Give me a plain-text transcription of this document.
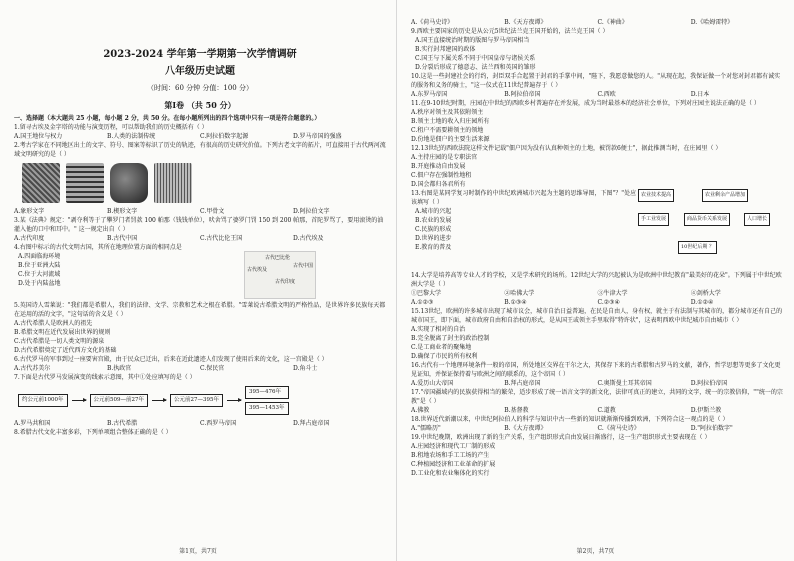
2023-2024 学年第一学期第一次学情调研
八年级历史试题
（时间：60 分钟 分值：100 分）
第Ⅰ卷 （共 50 分）

一、选择题（本大题共 25 小题，每小题 2 分，共 50 分。在每小题所列出的四个选项中只有一项是符合题意的。）

1.留寻古埃及金字塔的功能与演变历程，可以帮助我们的历史概括有（ ）

A.国王地位与权力	B.人类的法制传统	C.阿拉伯数字起源	D.罗马帝国的强盛

2.考古学家在不同地区出土的文字、符号、图案等标识了历史的轨迹，有很高的历史研究价值。下列古老文字的拓片，可直接用于古代两河流域文明研究的是（ ）

A.象形文字	B.楔形文字	C.甲骨文	D.阿拉伯文字

3.某《法典》规定："剥夺利等于了攀罗门者罚款 100 帕那（钱钱单位），吠舍骂了婆罗门罚 150 到 200 帕那，首陀罗骂了，要用滚烫的油灌入他的口中和耳中。" 这一规定出自（ ）

A.古代印度	B.古代中国	C.古代比伦王国	D.古代埃及

4.右图中标示的古代文明古国，其所在地理位置方面的相同点是

A.四面临海环境
B.位于亚洲大陆
C.位于大河流域
D.处于内陆盆地
古代埃及
古代巴比伦
古代印度
古代中国

5.英国诗人雪莱说："我们都是希腊人，我们的法律、文学、宗教和艺术之根在希腊。"雪莱说古希腊文明的严格性品，是世界许多民族每天都在运用的活的文字，"这句话的含义是（ ）

A.古代希腊人是欧洲人的祖先
B.希腊文明在近代发展出世界的规则
C.古代希腊是一切人类文明的源泉
D.古代希腊奠定了近代西方文化的基础

6.古代罗马的军事到过一座要害宫殿，由于民众已迁出，后来在近此遗迹人们发现了使用后来的文化，这一宫殿是（ ）

A.古代苏美尔	B.执政官	C.保民官	D.角斗士

7.下面是古代罗马发展演变的线索示意图，其中①处应填写的是（ ）

约公元前1000年	公元前509—前27年	公元前27—395年
395—476年
395—1453年
A.罗马共和国	B.古代希腊	C.西罗马帝国	D.拜占庭帝国

8.希腊古代文化丰富多彩，下列单项组合整体正确的是（ ）

第1页，共7页
A.《荷马史诗》	B.《天方夜谭》	C.《神曲》	D.《哈姆雷特》

9.西欧主要国家的历史是从公元5世纪法兰克王国开始的，法兰克王国（ ）

A.国王直接统治时期的版图与罗马帝国相当
B.实行封邦建国的政体
C.国王与下属关系不同于中国皇帝与诸侯关系
D.分裂后形成了德意志、法兰西和英国的雏形

10.这是一些封建社会的行约，封臣双手合起置于封君的手掌中间，"陛下，我愿意做您的人。"从现在起，我保证做一个对您对封君都有诚实的服务和义务的骑士，"这一仪式在11世纪普遍存于（ ）

A.东罗马帝国	B.阿拉伯帝国	C.西欧	D.日本

11.在9-10世纪时期，庄园在中世纪的西欧乡村普遍存在并发展，成为当时最基本的经济社会单位，下列对庄园主说法正确的是（ ）

A.秩序对领主及其依附领主
B.领主土地的收入归庄园所有
C.租户不需要耕领主的领地
D.份地是佃户的主要生活来源

12.13世纪的西欧法院这样文件记载"佃户因为没有认真种领主的土地，被罚款6便士"，据此推测当时，在庄园里（ ）

A.主持庄园的是专职法官
B.开庭推动自由发展
C.佃户存在强制性地租
D.国会都归各君所有

13.右图是某同学复习时制作的中世纪欧洲城市兴起为主题的思维导图，下图"？"处应该填写（ ）

A.城市的兴起
B.农业的发展
C.民族的形成
D.世界的进步
E.教育的普及
农业技术提高	农业剩余产品增加
手工业发展	商品货币关系发展	人口增长
10世纪后期 ？

14.大学是培养高等专业人才的学校，又是学术研究的场所。12世纪大学的兴起被认为是欧洲中世纪教育"最美好的花朵"。下列属于中世纪欧洲大学是（ ）

①巴黎大学	②哈佛大学	③牛津大学	④剑桥大学
A.①②③	B.①③④	C.②③④	D.①②④

15.13世纪，欧洲的许多城市出现了城市议会，城市自治日益普遍，在民是自由人，身有权，就主于有法制与其城市的，都分城市还有自己的城市国王，即下面，城市政府自由和自治权的形式，是从国王或领主手里取得"特许状"，这表明西欧中世纪城市自由城市（ ）

A.实现了相对的自治
B.完全脱离了封主的政治控制
C.是工商业者的聚集地
D.确保了市民的所有权利

16.古代有一个地理环境条件一般的帝国，所处地区交界在干尔之大，其保存下来的古希腊和古罗马的文献，著作，哲学思想等更多了文化更见证知，并保证保持着与欧洲之间的联系的，这个帝国（ ）

A.爱历山大帝国	B.拜占庭帝国	C.奥斯曼土耳其帝国	D.阿拉伯帝国

17."帝国疆域内的民族获得相当的繁荣，适步形成了统一语言文字的新文化，法律可真正的建立，共同的文字，统一的宗教信仰，""统一的宗教"是（ ）

A.佛教	B.基督教	C.道教	D.伊斯兰教

18.世界近代新潮以来，中世纪阿拉伯人的科学与知识中古一些新的知识就渐渐传播到欧洲，下列符合这一观点的是（ ）

A."儒略历"	B.《大方夜谭》	C.《荷马史诗》	D."阿拉伯数字"

19.中世纪晚期，欧洲出现了新的生产关系，生产组织形式自由发展日渐盛行，这一生产组织形式主要表现在（ ）

A.庄园经济和现代工厂制的形成
B.租地农场和手工工场的产生
C.种植园经济和工业革命的扩展
D.工业化和农业集体化的实行
第2页，共7页
